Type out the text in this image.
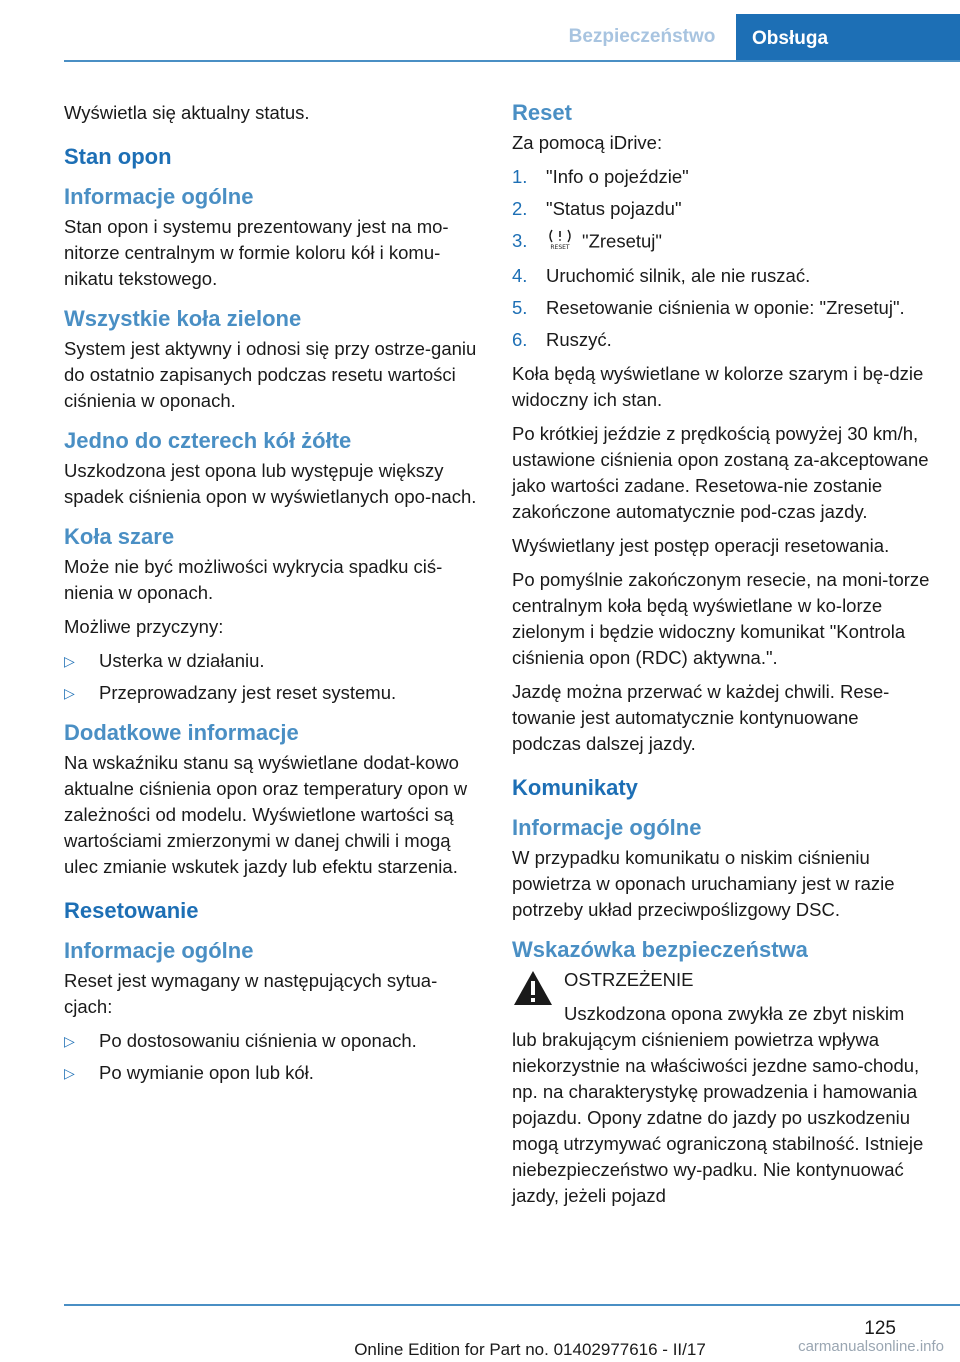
Bezpieczeństwo	Obsługa

Wyświetla się aktualny status.

Stan opon
Informacje ogólne

Stan opon i systemu prezentowany jest na mo-nitorze centralnym w formie koloru kół i komu-nikatu tekstowego.

Wszystkie koła zielone

System jest aktywny i odnosi się przy ostrze-ganiu do ostatnio zapisanych podczas resetu wartości ciśnienia w oponach.

Jedno do czterech kół żółte

Uszkodzona jest opona lub występuje większy spadek ciśnienia opon w wyświetlanych opo-nach.

Koła szare

Może nie być możliwości wykrycia spadku ciś-nienia w oponach.

Możliwe przyczyny:

▷ Usterka w działaniu.
▷ Przeprowadzany jest reset systemu.
Dodatkowe informacje

Na wskaźniku stanu są wyświetlane dodat-kowo aktualne ciśnienia opon oraz temperatury opon w zależności od modelu. Wyświetlone wartości są wartościami zmierzonymi w danej chwili i mogą ulec zmianie wskutek jazdy lub efektu starzenia.

Resetowanie
Informacje ogólne

Reset jest wymagany w następujących sytua-cjach:

▷ Po dostosowaniu ciśnienia w oponach.
▷ Po wymianie opon lub kół.
Reset

Za pomocą iDrive:

1. "Info o pojeździe"
2. "Status pojazdu"
3.	RESET "Zresetuj"
4. Uruchomić silnik, ale nie ruszać.
5. Resetowanie ciśnienia w oponie: "Zresetuj".
6. Ruszyć.

Koła będą wyświetlane w kolorze szarym i bę-dzie widoczny ich stan.

Po krótkiej jeździe z prędkością powyżej 30 km/h, ustawione ciśnienia opon zostaną za-akceptowane jako wartości zadane. Resetowa-nie zostanie zakończone automatycznie pod-czas jazdy.

Wyświetlany jest postęp operacji resetowania.

Po pomyślnie zakończonym resecie, na moni-torze centralnym koła będą wyświetlane w ko-lorze zielonym i będzie widoczny komunikat "Kontrola ciśnienia opon (RDC) aktywna.".

Jazdę można przerwać w każdej chwili. Rese-towanie jest automatycznie kontynuowane podczas dalszej jazdy.

Komunikaty
Informacje ogólne

W przypadku komunikatu o niskim ciśnieniu powietrza w oponach uruchamiany jest w razie potrzeby układ przeciwpoślizgowy DSC.

Wskazówka bezpieczeństwa

OSTRZEŻENIE

Uszkodzona opona zwykła ze zbyt niskim lub brakującym ciśnieniem powietrza wpływa niekorzystnie na właściwości jezdne samo-chodu, np. na charakterystykę prowadzenia i hamowania pojazdu. Opony zdatne do jazdy po uszkodzeniu mogą utrzymywać ograniczoną stabilność. Istnieje niebezpieczeństwo wy-padku. Nie kontynuować jazdy, jeżeli pojazd

125
Online Edition for Part no. 01402977616 - II/17	carmanualsonline.info
